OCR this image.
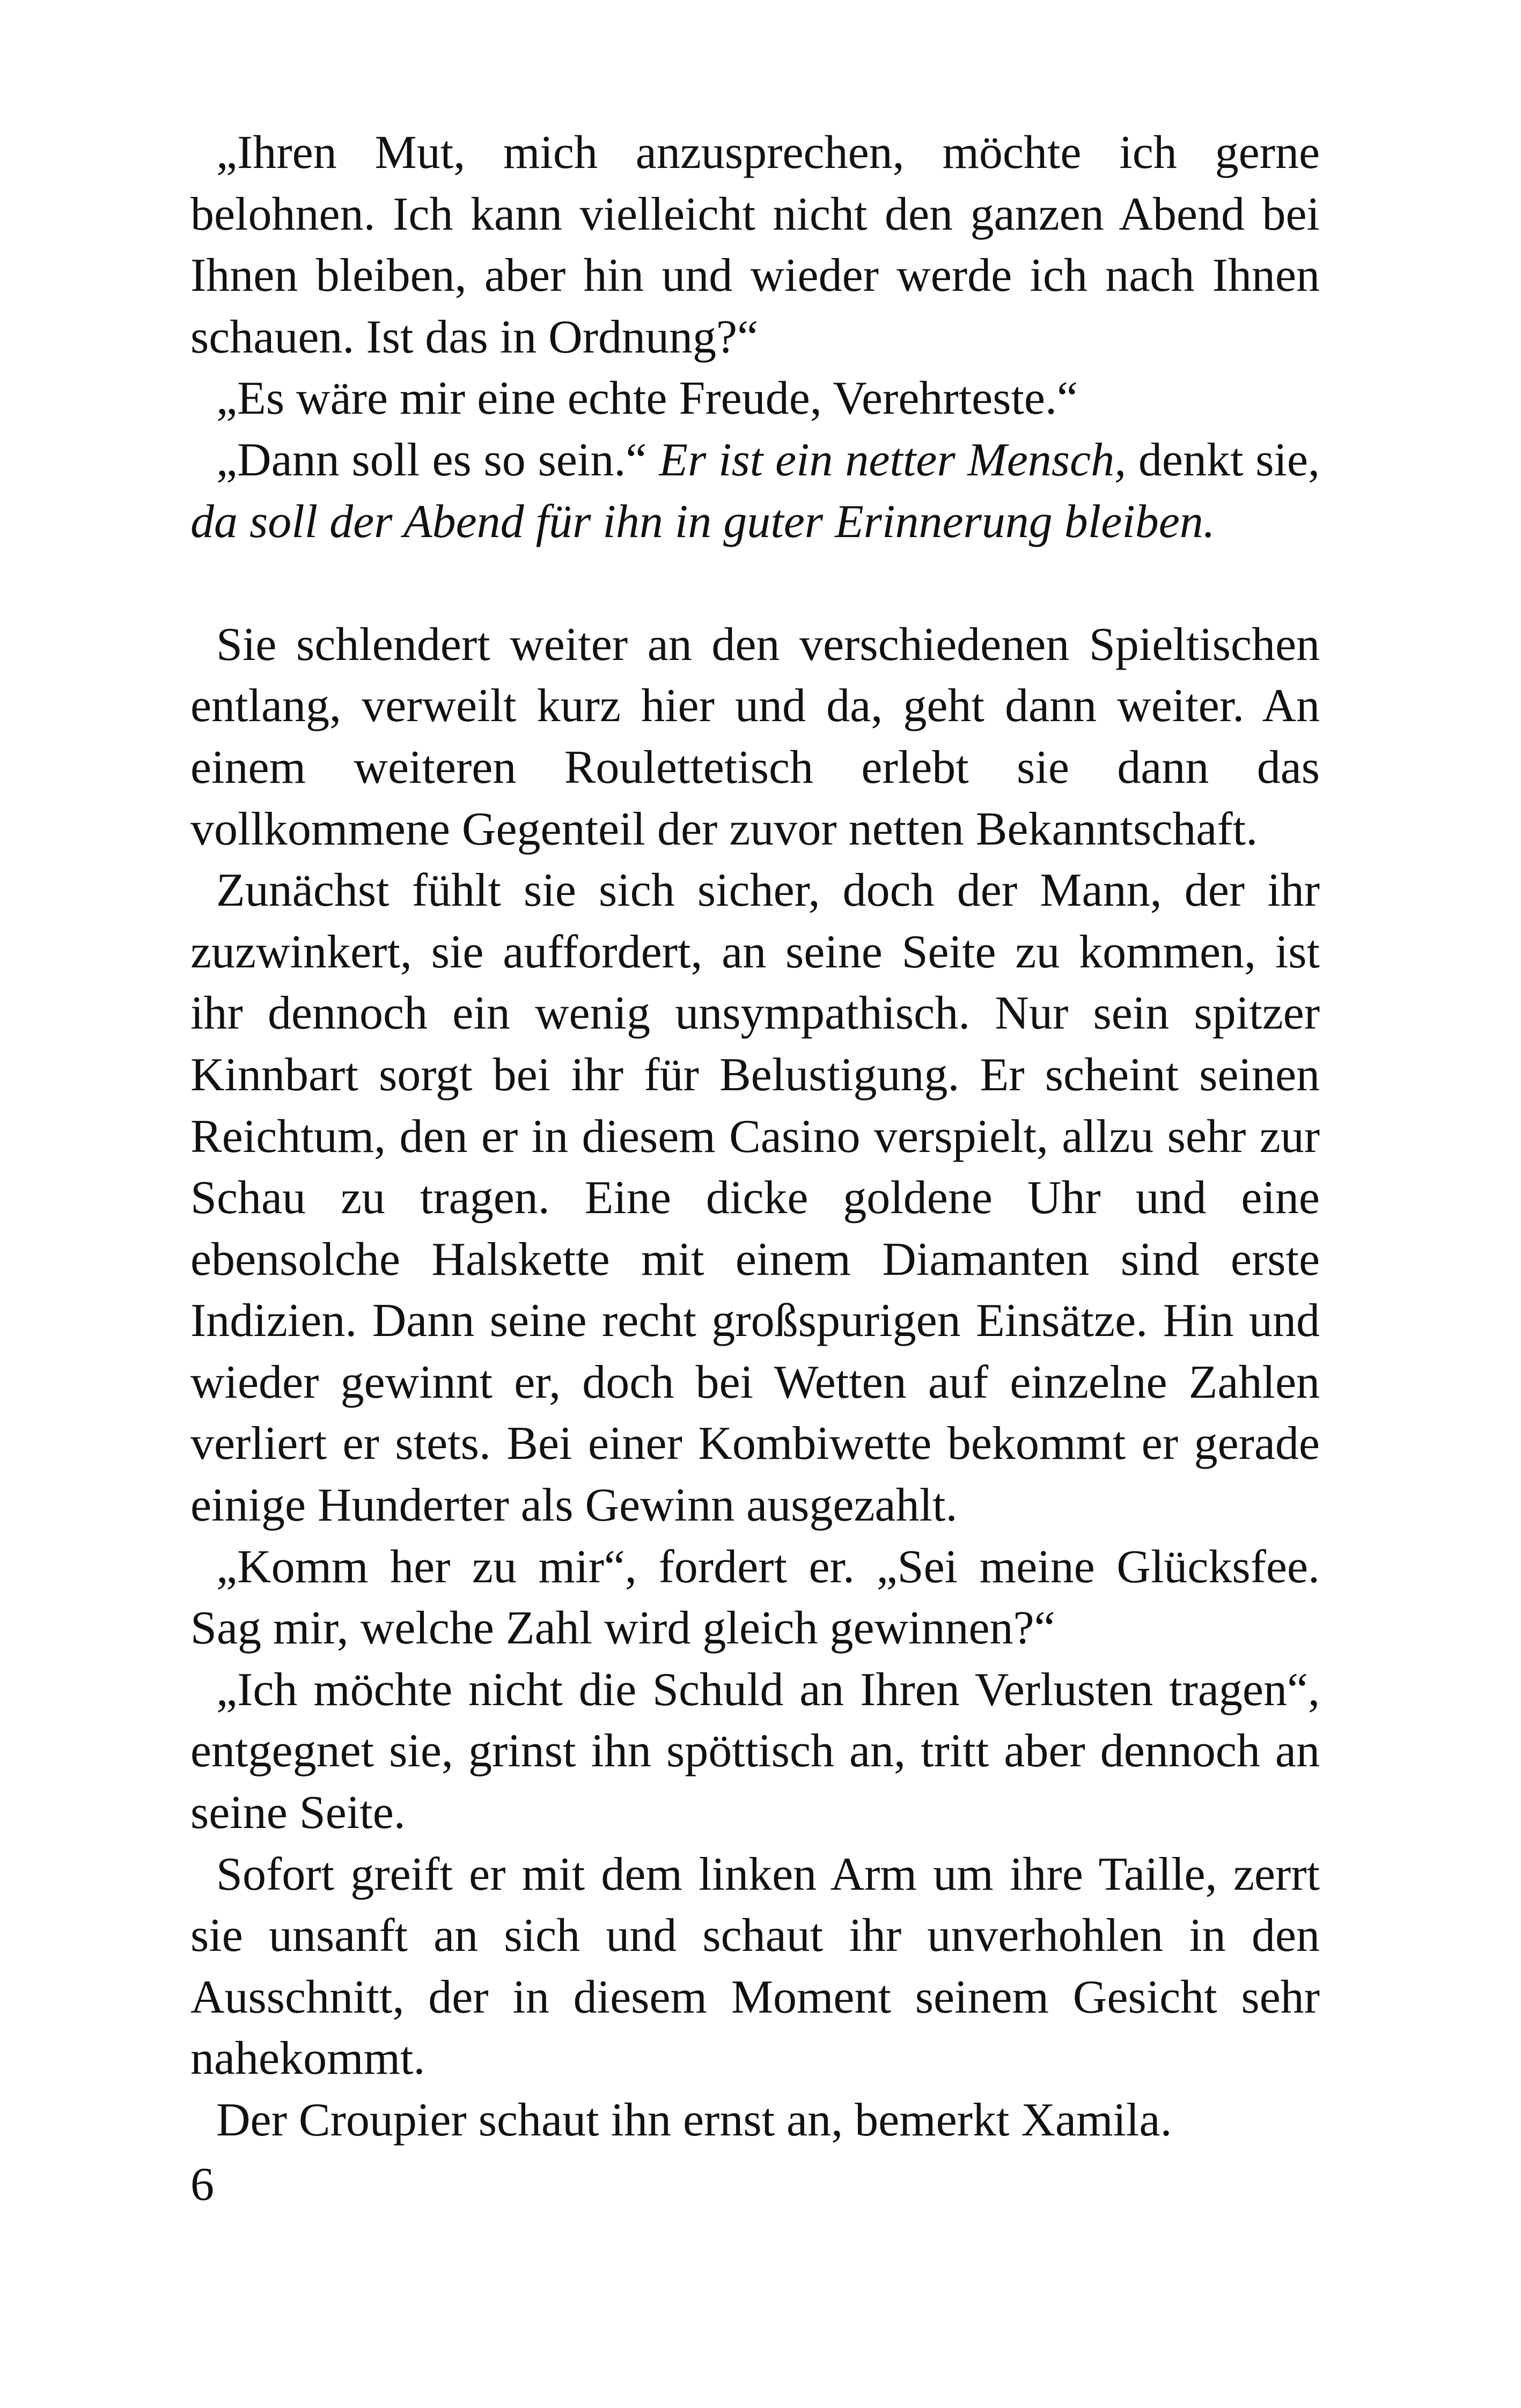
„Ihren Mut, mich anzusprechen, möchte ich gerne belohnen. Ich kann vielleicht nicht den ganzen Abend bei Ihnen bleiben, aber hin und wieder werde ich nach Ihnen schauen. Ist das in Ordnung?“

„Es wäre mir eine echte Freude, Verehrteste.“

„Dann soll es so sein.“ Er ist ein netter Mensch, denkt sie, da soll der Abend für ihn in guter Erinnerung bleiben.

Sie schlendert weiter an den verschiedenen Spieltischen entlang, verweilt kurz hier und da, geht dann weiter. An einem weiteren Roulettetisch erlebt sie dann das vollkommene Gegenteil der zuvor netten Bekanntschaft.

Zunächst fühlt sie sich sicher, doch der Mann, der ihr zuzwinkert, sie auffordert, an seine Seite zu kommen, ist ihr dennoch ein wenig unsympathisch. Nur sein spitzer Kinnbart sorgt bei ihr für Belustigung. Er scheint seinen Reichtum, den er in diesem Casino verspielt, allzu sehr zur Schau zu tragen. Eine dicke goldene Uhr und eine ebensolche Halskette mit einem Diamanten sind erste Indizien. Dann seine recht großspurigen Einsätze. Hin und wieder gewinnt er, doch bei Wetten auf einzelne Zahlen verliert er stets. Bei einer Kombiwette bekommt er gerade einige Hunderter als Gewinn ausgezahlt.

„Komm her zu mir“, fordert er. „Sei meine Glücksfee. Sag mir, welche Zahl wird gleich gewinnen?“

„Ich möchte nicht die Schuld an Ihren Verlusten tragen“, entgegnet sie, grinst ihn spöttisch an, tritt aber dennoch an seine Seite.

Sofort greift er mit dem linken Arm um ihre Taille, zerrt sie unsanft an sich und schaut ihr unverhohlen in den Ausschnitt, der in diesem Moment seinem Gesicht sehr nahekommt.

Der Croupier schaut ihn ernst an, bemerkt Xamila.

6
